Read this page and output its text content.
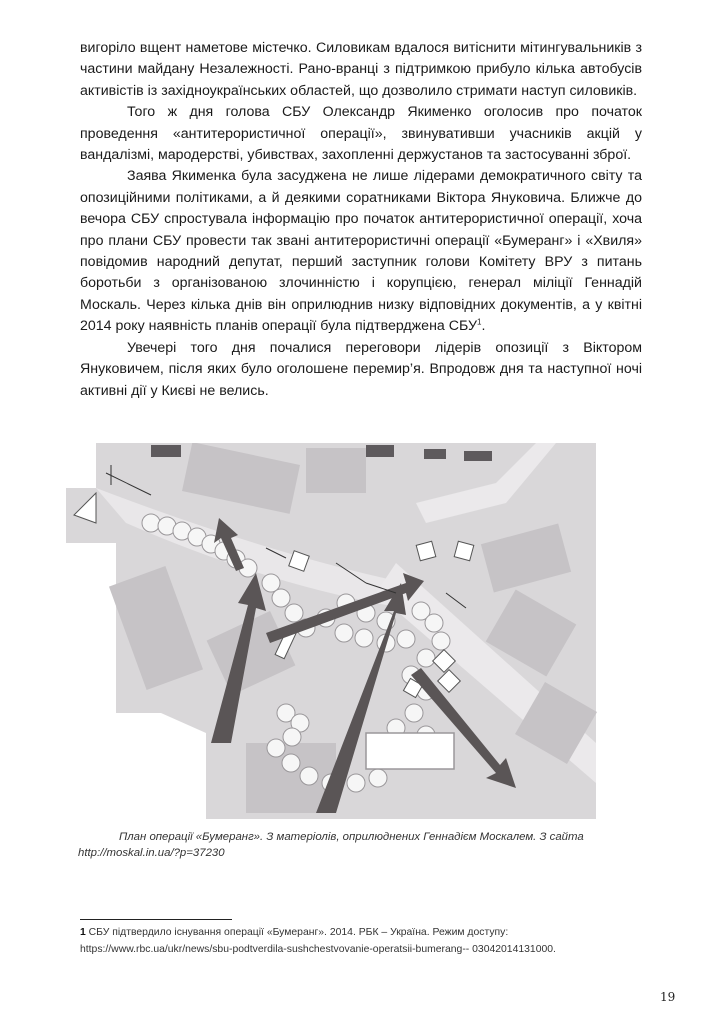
вигоріло вщент наметове містечко. Силовикам вдалося витіснити мітингувальників з частини майдану Незалежності. Рано-вранці з підтримкою прибуло кілька автобусів активістів із західноукраїнських областей, що дозволило стримати наступ силовиків.

Того ж дня голова СБУ Олександр Якименко оголосив про початок проведення «антитерористичної операції», звинувативши учасників акцій у вандалізмі, мародерстві, убивствах, захопленні держустанов та застосуванні зброї.

Заява Якименка була засуджена не лише лідерами демократичного світу та опозиційними політиками, а й деякими соратниками Віктора Януковича. Ближче до вечора СБУ спростувала інформацію про початок антитерористичної операції, хоча про плани СБУ провести так звані антитерористичні операції «Бумеранг» і «Хвиля» повідомив народний депутат, перший заступник голови Комітету ВРУ з питань боротьби з організованою злочинністю і корупцією, генерал міліції Геннадій Москаль. Через кілька днів він оприлюднив низку відповідних документів, а у квітні 2014 року наявність планів операції була підтверджена СБУ$^1$.

Увечері того дня почалися переговори лідерів опозиції з Віктором Януковичем, після яких було оголошене перемир’я. Впродовж дня та наступної ночі активні дії у Києві не велись.

План операції «Бумеранг». З матеріолів, оприлюднених Геннадієм Москалем. З сайта
http://moskal.in.ua/?p=37230
1 СБУ підтвердило існування операції «Бумеранг». 2014. РБК – Україна. Режим доступу:
https://www.rbc.ua/ukr/news/sbu-podtverdila-sushchestvovanie-operatsii-bumerang-- 03042014131000.
19
